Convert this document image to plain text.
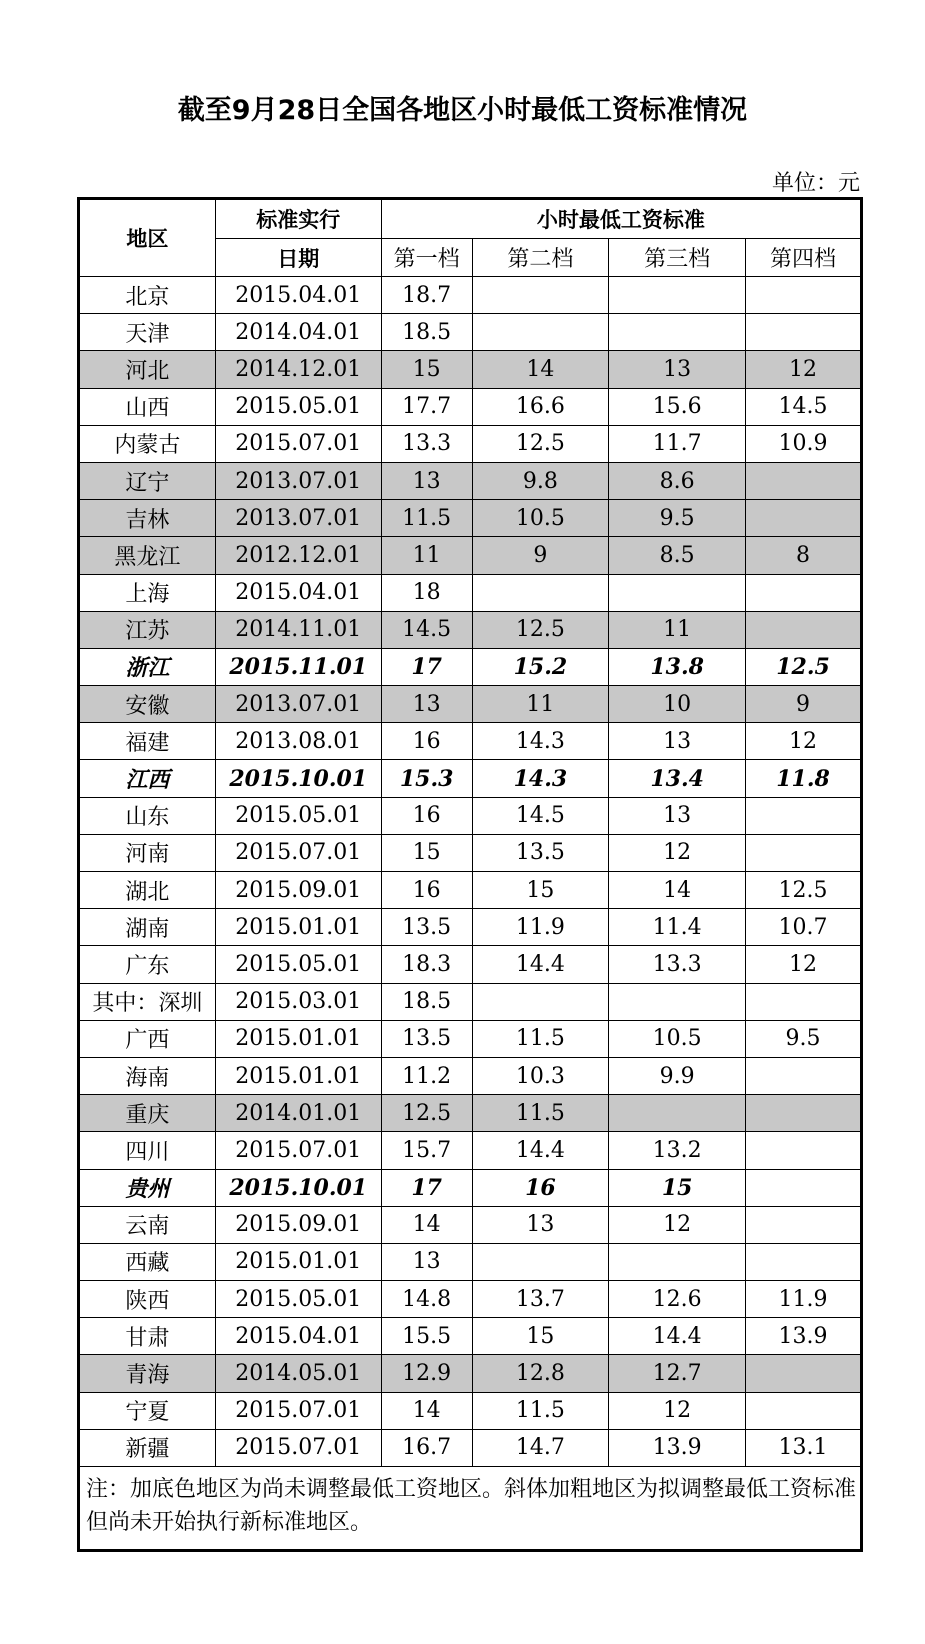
截至9月28日全国各地区小时最低工资标准情况
单位：元
地区	标准实行	小时最低工资标准			
	日期	第一档	第二档	第三档	第四档
北京	2015.04.01	18.7			
天津	2014.04.01	18.5			
河北	2014.12.01	15	14	13	12
山西	2015.05.01	17.7	16.6	15.6	14.5
内蒙古	2015.07.01	13.3	12.5	11.7	10.9
辽宁	2013.07.01	13	9.8	8.6	
吉林	2013.07.01	11.5	10.5	9.5	
黑龙江	2012.12.01	11	9	8.5	8
上海	2015.04.01	18			
江苏	2014.11.01	14.5	12.5	11	
浙江	2015.11.01	17	15.2	13.8	12.5
安徽	2013.07.01	13	11	10	9
福建	2013.08.01	16	14.3	13	12
江西	2015.10.01	15.3	14.3	13.4	11.8
山东	2015.05.01	16	14.5	13	
河南	2015.07.01	15	13.5	12	
湖北	2015.09.01	16	15	14	12.5
湖南	2015.01.01	13.5	11.9	11.4	10.7
广东	2015.05.01	18.3	14.4	13.3	12
其中：深圳	2015.03.01	18.5			
广西	2015.01.01	13.5	11.5	10.5	9.5
海南	2015.01.01	11.2	10.3	9.9	
重庆	2014.01.01	12.5	11.5		
四川	2015.07.01	15.7	14.4	13.2	
贵州	2015.10.01	17	16	15	
云南	2015.09.01	14	13	12	
西藏	2015.01.01	13			
陕西	2015.05.01	14.8	13.7	12.6	11.9
甘肃	2015.04.01	15.5	15	14.4	13.9
青海	2014.05.01	12.9	12.8	12.7	
宁夏	2015.07.01	14	11.5	12	
新疆	2015.07.01	16.7	14.7	13.9	13.1
注：加底色地区为尚未调整最低工资地区。斜体加粗地区为拟调整最低工资标准但尚未开始执行新标准地区。					
